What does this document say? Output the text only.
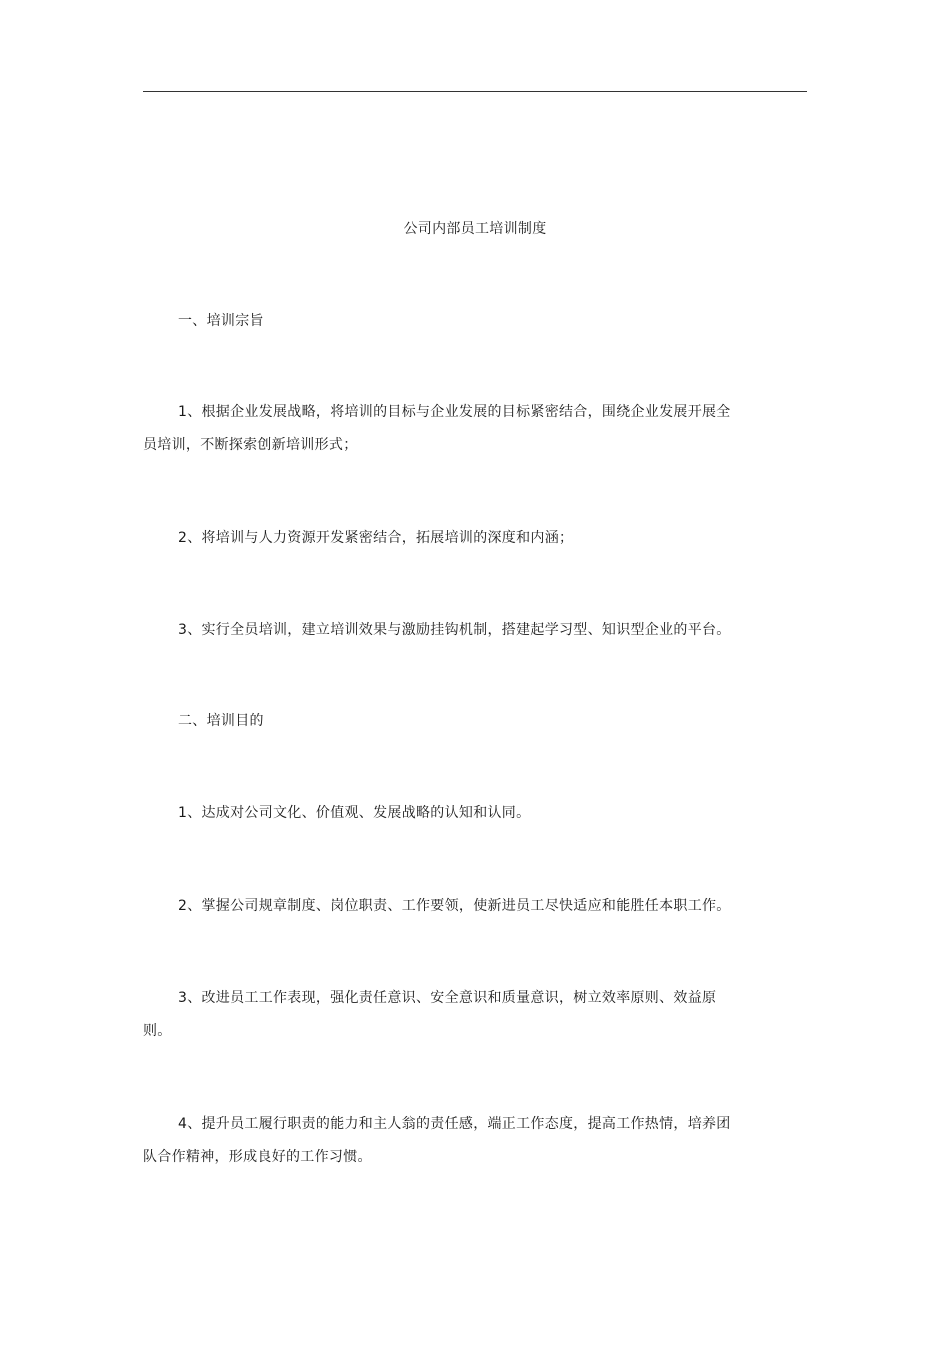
公司内部员工培训制度

一、培训宗旨

1、根据企业发展战略，将培训的目标与企业发展的目标紧密结合，围绕企业发展开展全员培训，不断探索创新培训形式；

2、将培训与人力资源开发紧密结合，拓展培训的深度和内涵；

3、实行全员培训，建立培训效果与激励挂钩机制，搭建起学习型、知识型企业的平台。

二、培训目的

1、达成对公司文化、价值观、发展战略的认知和认同。

2、掌握公司规章制度、岗位职责、工作要领，使新进员工尽快适应和能胜任本职工作。

3、改进员工工作表现，强化责任意识、安全意识和质量意识，树立效率原则、效益原则。

4、提升员工履行职责的能力和主人翁的责任感，端正工作态度，提高工作热情，培养团队合作精神，形成良好的工作习惯。
